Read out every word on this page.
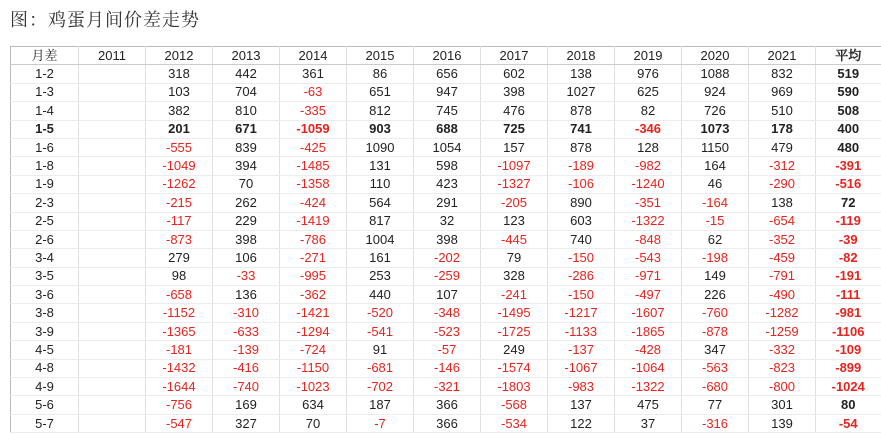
图：鸡蛋月间价差走势
月差	2011	2012	2013	2014	2015	2016	2017	2018	2019	2020	2021	平均
1-2		318	442	361	86	656	602	138	976	1088	832	519
1-3		103	704	-63	651	947	398	1027	625	924	969	590
1-4		382	810	-335	812	745	476	878	82	726	510	508
1-5		201	671	-1059	903	688	725	741	-346	1073	178	400
1-6		-555	839	-425	1090	1054	157	878	128	1150	479	480
1-8		-1049	394	-1485	131	598	-1097	-189	-982	164	-312	-391
1-9		-1262	70	-1358	110	423	-1327	-106	-1240	46	-290	-516
2-3		-215	262	-424	564	291	-205	890	-351	-164	138	72
2-5		-117	229	-1419	817	32	123	603	-1322	-15	-654	-119
2-6		-873	398	-786	1004	398	-445	740	-848	62	-352	-39
3-4		279	106	-271	161	-202	79	-150	-543	-198	-459	-82
3-5		98	-33	-995	253	-259	328	-286	-971	149	-791	-191
3-6		-658	136	-362	440	107	-241	-150	-497	226	-490	-111
3-8		-1152	-310	-1421	-520	-348	-1495	-1217	-1607	-760	-1282	-981
3-9		-1365	-633	-1294	-541	-523	-1725	-1133	-1865	-878	-1259	-1106
4-5		-181	-139	-724	91	-57	249	-137	-428	347	-332	-109
4-8		-1432	-416	-1150	-681	-146	-1574	-1067	-1064	-563	-823	-899
4-9		-1644	-740	-1023	-702	-321	-1803	-983	-1322	-680	-800	-1024
5-6		-756	169	634	187	366	-568	137	475	77	301	80
5-7		-547	327	70	-7	366	-534	122	37	-316	139	-54
